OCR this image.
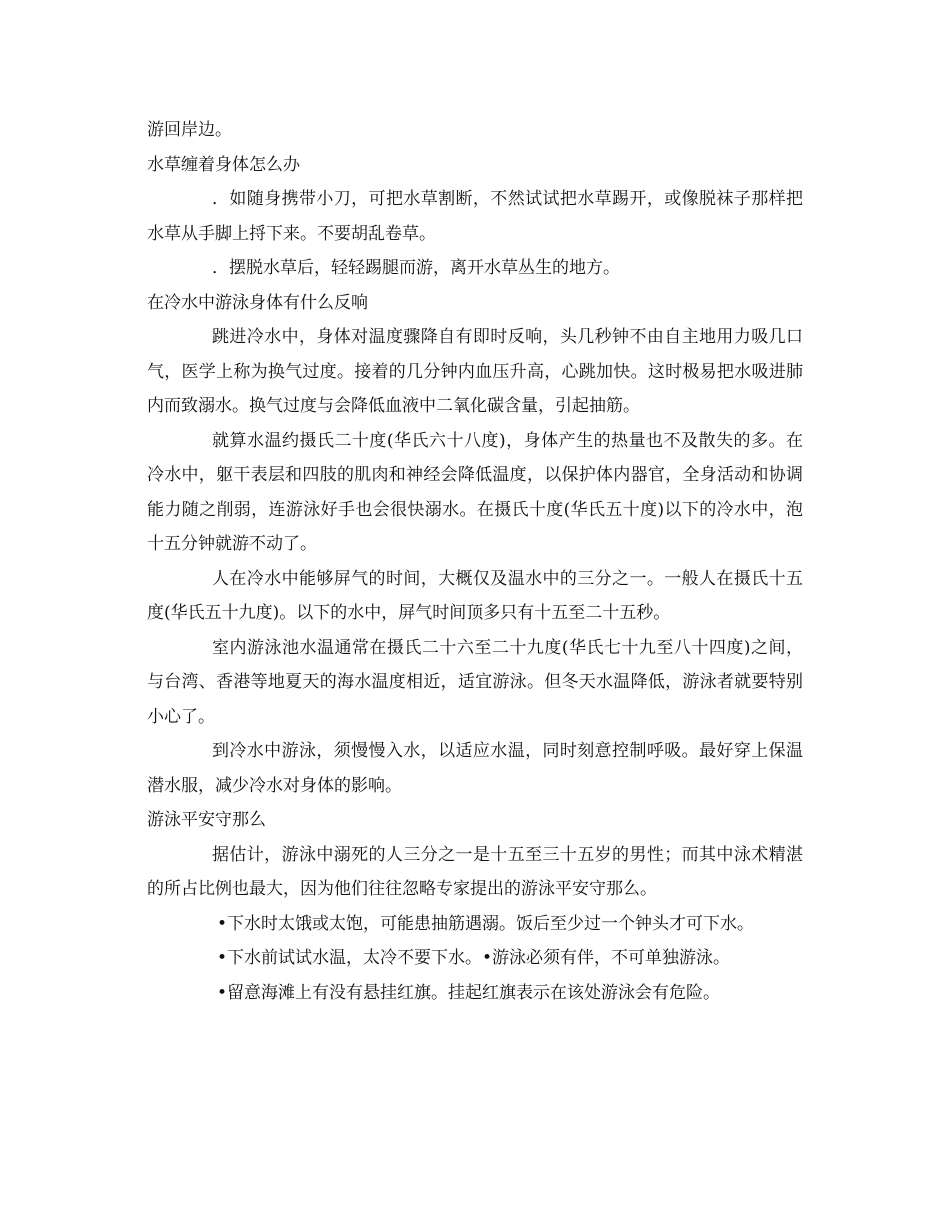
游回岸边。

水草缠着身体怎么办

．如随身携带小刀，可把水草割断，不然试试把水草踢开，或像脱袜子那样把水草从手脚上捋下来。不要胡乱卷草。

．摆脱水草后，轻轻踢腿而游，离开水草丛生的地方。

在冷水中游泳身体有什么反响

跳进冷水中，身体对温度骤降自有即时反响，头几秒钟不由自主地用力吸几口气，医学上称为换气过度。接着的几分钟内血压升高，心跳加快。这时极易把水吸进肺内而致溺水。换气过度与会降低血液中二氧化碳含量，引起抽筋。

就算水温约摄氏二十度(华氏六十八度)，身体产生的热量也不及散失的多。在冷水中，躯干表层和四肢的肌肉和神经会降低温度，以保护体内器官，全身活动和协调能力随之削弱，连游泳好手也会很快溺水。在摄氏十度(华氏五十度)以下的冷水中，泡十五分钟就游不动了。

人在冷水中能够屏气的时间，大概仅及温水中的三分之一。一般人在摄氏十五度(华氏五十九度)。以下的水中，屏气时间顶多只有十五至二十五秒。

室内游泳池水温通常在摄氏二十六至二十九度(华氏七十九至八十四度)之间，与台湾、香港等地夏天的海水温度相近，适宜游泳。但冬天水温降低，游泳者就要特别小心了。

到冷水中游泳，须慢慢入水，以适应水温，同时刻意控制呼吸。最好穿上保温潜水服，减少冷水对身体的影响。

游泳平安守那么

据估计，游泳中溺死的人三分之一是十五至三十五岁的男性；而其中泳术精湛的所占比例也最大，因为他们往往忽略专家提出的游泳平安守那么。

•下水时太饿或太饱，可能患抽筋遇溺。饭后至少过一个钟头才可下水。

•下水前试试水温，太冷不要下水。•游泳必须有伴，不可单独游泳。

•留意海滩上有没有悬挂红旗。挂起红旗表示在该处游泳会有危险。
